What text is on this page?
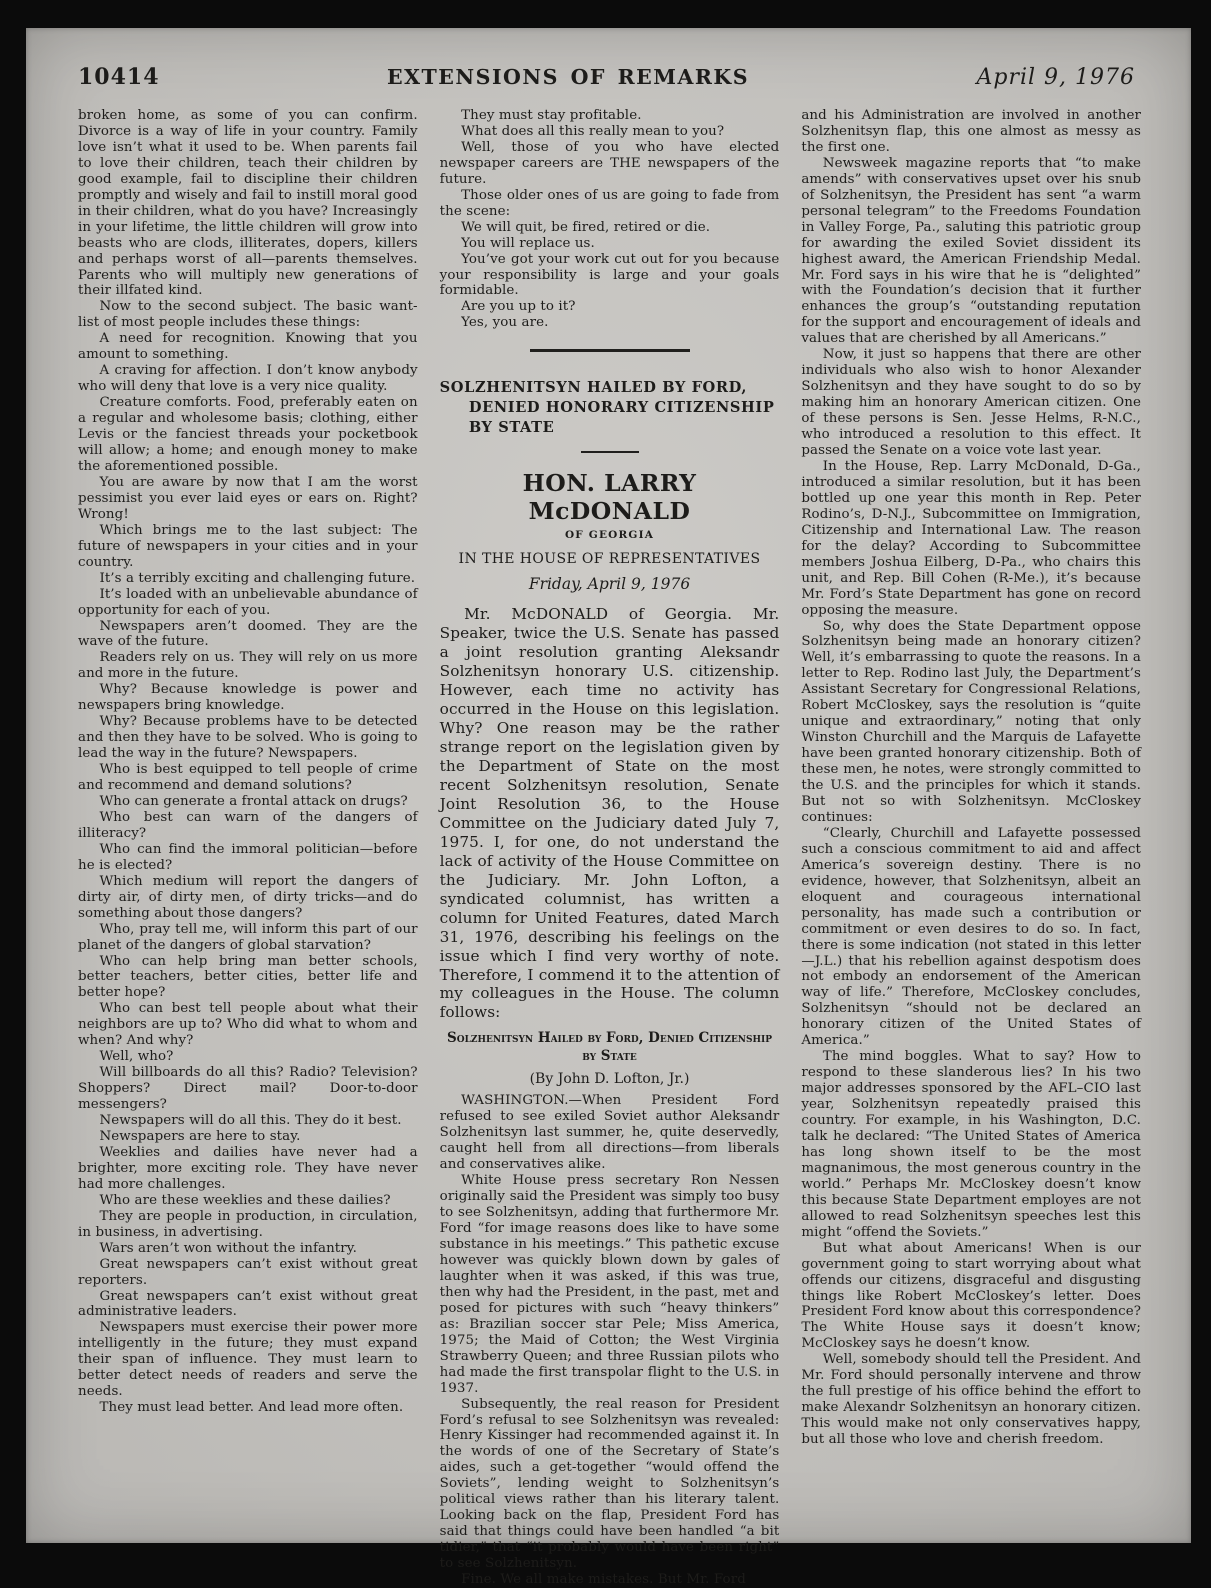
10414	EXTENSIONS OF REMARKS	April 9, 1976

broken home, as some of you can confirm. Divorce is a way of life in your country. Family love isn’t what it used to be. When parents fail to love their children, teach their children by good example, fail to discipline their children promptly and wisely and fail to instill moral good in their children, what do you have? Increasingly in your lifetime, the little children will grow into beasts who are clods, illiterates, dopers, killers and perhaps worst of all—parents themselves. Parents who will multiply new generations of their illfated kind.

Now to the second subject. The basic want-list of most people includes these things:

A need for recognition. Knowing that you amount to something.

A craving for affection. I don’t know anybody who will deny that love is a very nice quality.

Creature comforts. Food, preferably eaten on a regular and wholesome basis; clothing, either Levis or the fanciest threads your pocketbook will allow; a home; and enough money to make the aforementioned possible.

You are aware by now that I am the worst pessimist you ever laid eyes or ears on. Right? Wrong!

Which brings me to the last subject: The future of newspapers in your cities and in your country.

It’s a terribly exciting and challenging future.

It’s loaded with an unbelievable abundance of opportunity for each of you.

Newspapers aren’t doomed. They are the wave of the future.

Readers rely on us. They will rely on us more and more in the future.

Why? Because knowledge is power and newspapers bring knowledge.

Why? Because problems have to be detected and then they have to be solved. Who is going to lead the way in the future? Newspapers.

Who is best equipped to tell people of crime and recommend and demand solutions?

Who can generate a frontal attack on drugs?

Who best can warn of the dangers of illiteracy?

Who can find the immoral politician—before he is elected?

Which medium will report the dangers of dirty air, of dirty men, of dirty tricks—and do something about those dangers?

Who, pray tell me, will inform this part of our planet of the dangers of global starvation?

Who can help bring man better schools, better teachers, better cities, better life and better hope?

Who can best tell people about what their neighbors are up to? Who did what to whom and when? And why?

Well, who?

Will billboards do all this? Radio? Television? Shoppers? Direct mail? Door-to-door messengers?

Newspapers will do all this. They do it best.

Newspapers are here to stay.

Weeklies and dailies have never had a brighter, more exciting role. They have never had more challenges.

Who are these weeklies and these dailies?

They are people in production, in circulation, in business, in advertising.

Wars aren’t won without the infantry.

Great newspapers can’t exist without great reporters.

Great newspapers can’t exist without great administrative leaders.

Newspapers must exercise their power more intelligently in the future; they must expand their span of influence. They must learn to better detect needs of readers and serve the needs.

They must lead better. And lead more often.

They must stay profitable.

What does all this really mean to you?

Well, those of you who have elected newspaper careers are THE newspapers of the future.

Those older ones of us are going to fade from the scene:

We will quit, be fired, retired or die.

You will replace us.

You’ve got your work cut out for you because your responsibility is large and your goals formidable.

Are you up to it?

Yes, you are.

SOLZHENITSYN HAILED BY FORD, DENIED HONORARY CITIZENSHIP BY STATE
HON. LARRY McDONALD
OF GEORGIA
IN THE HOUSE OF REPRESENTATIVES
Friday, April 9, 1976

Mr. McDONALD of Georgia. Mr. Speaker, twice the U.S. Senate has passed a joint resolution granting Aleksandr Solzhenitsyn honorary U.S. citizenship. However, each time no activity has occurred in the House on this legislation. Why? One reason may be the rather strange report on the legislation given by the Department of State on the most recent Solzhenitsyn resolution, Senate Joint Resolution 36, to the House Committee on the Judiciary dated July 7, 1975. I, for one, do not understand the lack of activity of the House Committee on the Judiciary. Mr. John Lofton, a syndicated columnist, has written a column for United Features, dated March 31, 1976, describing his feelings on the issue which I find very worthy of note. Therefore, I commend it to the attention of my colleagues in the House. The column follows:

Solzhenitsyn Hailed by Ford, Denied Citizenship by State
(By John D. Lofton, Jr.)

WASHINGTON.—When President Ford refused to see exiled Soviet author Aleksandr Solzhenitsyn last summer, he, quite deservedly, caught hell from all directions—from liberals and conservatives alike.

White House press secretary Ron Nessen originally said the President was simply too busy to see Solzhenitsyn, adding that furthermore Mr. Ford “for image reasons does like to have some substance in his meetings.” This pathetic excuse however was quickly blown down by gales of laughter when it was asked, if this was true, then why had the President, in the past, met and posed for pictures with such “heavy thinkers” as: Brazilian soccer star Pele; Miss America, 1975; the Maid of Cotton; the West Virginia Strawberry Queen; and three Russian pilots who had made the first transpolar flight to the U.S. in 1937.

Subsequently, the real reason for President Ford’s refusal to see Solzhenitsyn was revealed: Henry Kissinger had recommended against it. In the words of one of the Secretary of State’s aides, such a get-together “would offend the Soviets”, lending weight to Solzhenitsyn’s political views rather than his literary talent. Looking back on the flap, President Ford has said that things could have been handled “a bit tidier,” that “it probably would have been right” to see Solzhenitsyn.

Fine. We all make mistakes. But Mr. Ford

and his Administration are involved in another Solzhenitsyn flap, this one almost as messy as the first one.

Newsweek magazine reports that “to make amends” with conservatives upset over his snub of Solzhenitsyn, the President has sent “a warm personal telegram” to the Freedoms Foundation in Valley Forge, Pa., saluting this patriotic group for awarding the exiled Soviet dissident its highest award, the American Friendship Medal. Mr. Ford says in his wire that he is “delighted” with the Foundation’s decision that it further enhances the group’s “outstanding reputation for the support and encouragement of ideals and values that are cherished by all Americans.”

Now, it just so happens that there are other individuals who also wish to honor Alexander Solzhenitsyn and they have sought to do so by making him an honorary American citizen. One of these persons is Sen. Jesse Helms, R-N.C., who introduced a resolution to this effect. It passed the Senate on a voice vote last year.

In the House, Rep. Larry McDonald, D-Ga., introduced a similar resolution, but it has been bottled up one year this month in Rep. Peter Rodino’s, D-N.J., Subcommittee on Immigration, Citizenship and International Law. The reason for the delay? According to Subcommittee members Joshua Eilberg, D-Pa., who chairs this unit, and Rep. Bill Cohen (R-Me.), it’s because Mr. Ford’s State Department has gone on record opposing the measure.

So, why does the State Department oppose Solzhenitsyn being made an honorary citizen? Well, it’s embarrassing to quote the reasons. In a letter to Rep. Rodino last July, the Department’s Assistant Secretary for Congressional Relations, Robert McCloskey, says the resolution is “quite unique and extraordinary,” noting that only Winston Churchill and the Marquis de Lafayette have been granted honorary citizenship. Both of these men, he notes, were strongly committed to the U.S. and the principles for which it stands. But not so with Solzhenitsyn. McCloskey continues:

“Clearly, Churchill and Lafayette possessed such a conscious commitment to aid and affect America’s sovereign destiny. There is no evidence, however, that Solzhenitsyn, albeit an eloquent and courageous international personality, has made such a contribution or commitment or even desires to do so. In fact, there is some indication (not stated in this letter—J.L.) that his rebellion against despotism does not embody an endorsement of the American way of life.” Therefore, McCloskey concludes, Solzhenitsyn “should not be declared an honorary citizen of the United States of America.”

The mind boggles. What to say? How to respond to these slanderous lies? In his two major addresses sponsored by the AFL–CIO last year, Solzhenitsyn repeatedly praised this country. For example, in his Washington, D.C. talk he declared: “The United States of America has long shown itself to be the most magnanimous, the most generous country in the world.” Perhaps Mr. McCloskey doesn’t know this because State Department employes are not allowed to read Solzhenitsyn speeches lest this might “offend the Soviets.”

But what about Americans! When is our government going to start worrying about what offends our citizens, disgraceful and disgusting things like Robert McCloskey’s letter. Does President Ford know about this correspondence? The White House says it doesn’t know; McCloskey says he doesn’t know.

Well, somebody should tell the President. And Mr. Ford should personally intervene and throw the full prestige of his office behind the effort to make Alexandr Solzhenitsyn an honorary citizen. This would make not only conservatives happy, but all those who love and cherish freedom.
